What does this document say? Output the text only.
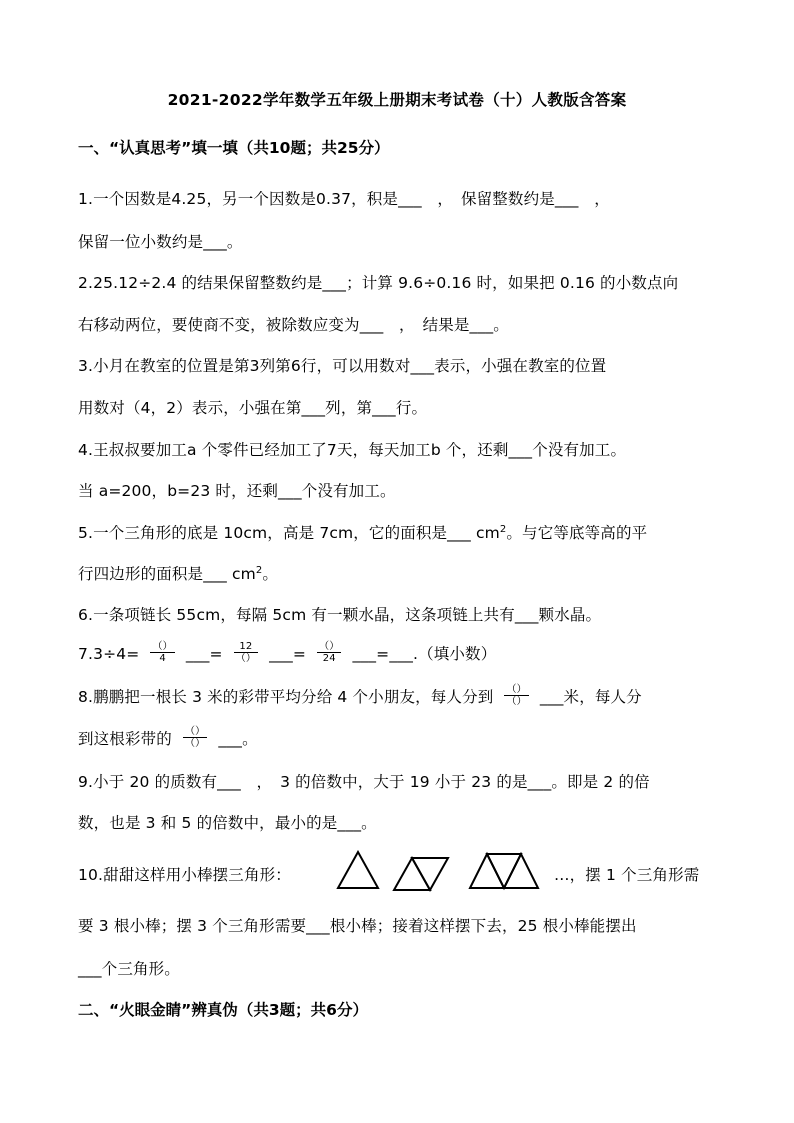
2021-2022学年数学五年级上册期末考试卷（十）人教版含答案
一、“认真思考”填一填（共10题；共25分）
1.一个因数是4.25，另一个因数是0.37，积是___　，　保留整数约是___　，
保留一位小数约是___。
2.25.12÷2.4 的结果保留整数约是___；计算 9.6÷0.16 时，如果把 0.16 的小数点向
右移动两位，要使商不变，被除数应变为___　，　结果是___。
3.小月在教室的位置是第3列第6行，可以用数对___表示，小强在教室的位置
用数对（4，2）表示，小强在第___列，第___行。
4.王叔叔要加工a 个零件已经加工了7天，每天加工b 个，还剩___个没有加工。
当 a=200，b=23 时，还剩___个没有加工。
5.一个三角形的底是 10cm，高是 7cm，它的面积是___ $cm^2$。与它等底等高的平
行四边形的面积是___ $cm^2$。
6.一条项链长 55cm，每隔 5cm 有一颗水晶，这条项链上共有___颗水晶。
$7.3\div 4= \frac{()}{4}$ ___= $\frac{12}{()}$ ___= $\frac{()}{24}$ ___=___.（填小数）
8.鹏鹏把一根长 3 米的彩带平均分给 4 个小朋友，每人分到 $\frac{()}{()}$ ___米，每人分
到这根彩带的 $\frac{()}{()}$ ___。
9.小于 20 的质数有___　，　3 的倍数中，大于 19 小于 23 的是___。即是 2 的倍
数，也是 3 和 5 的倍数中，最小的是___。
10.甜甜这样用小棒摆三角形：	…，摆 1 个三角形需
要 3 根小棒；摆 3 个三角形需要___根小棒；接着这样摆下去，25 根小棒能摆出
___个三角形。
二、“火眼金睛”辨真伪（共3题；共6分）
